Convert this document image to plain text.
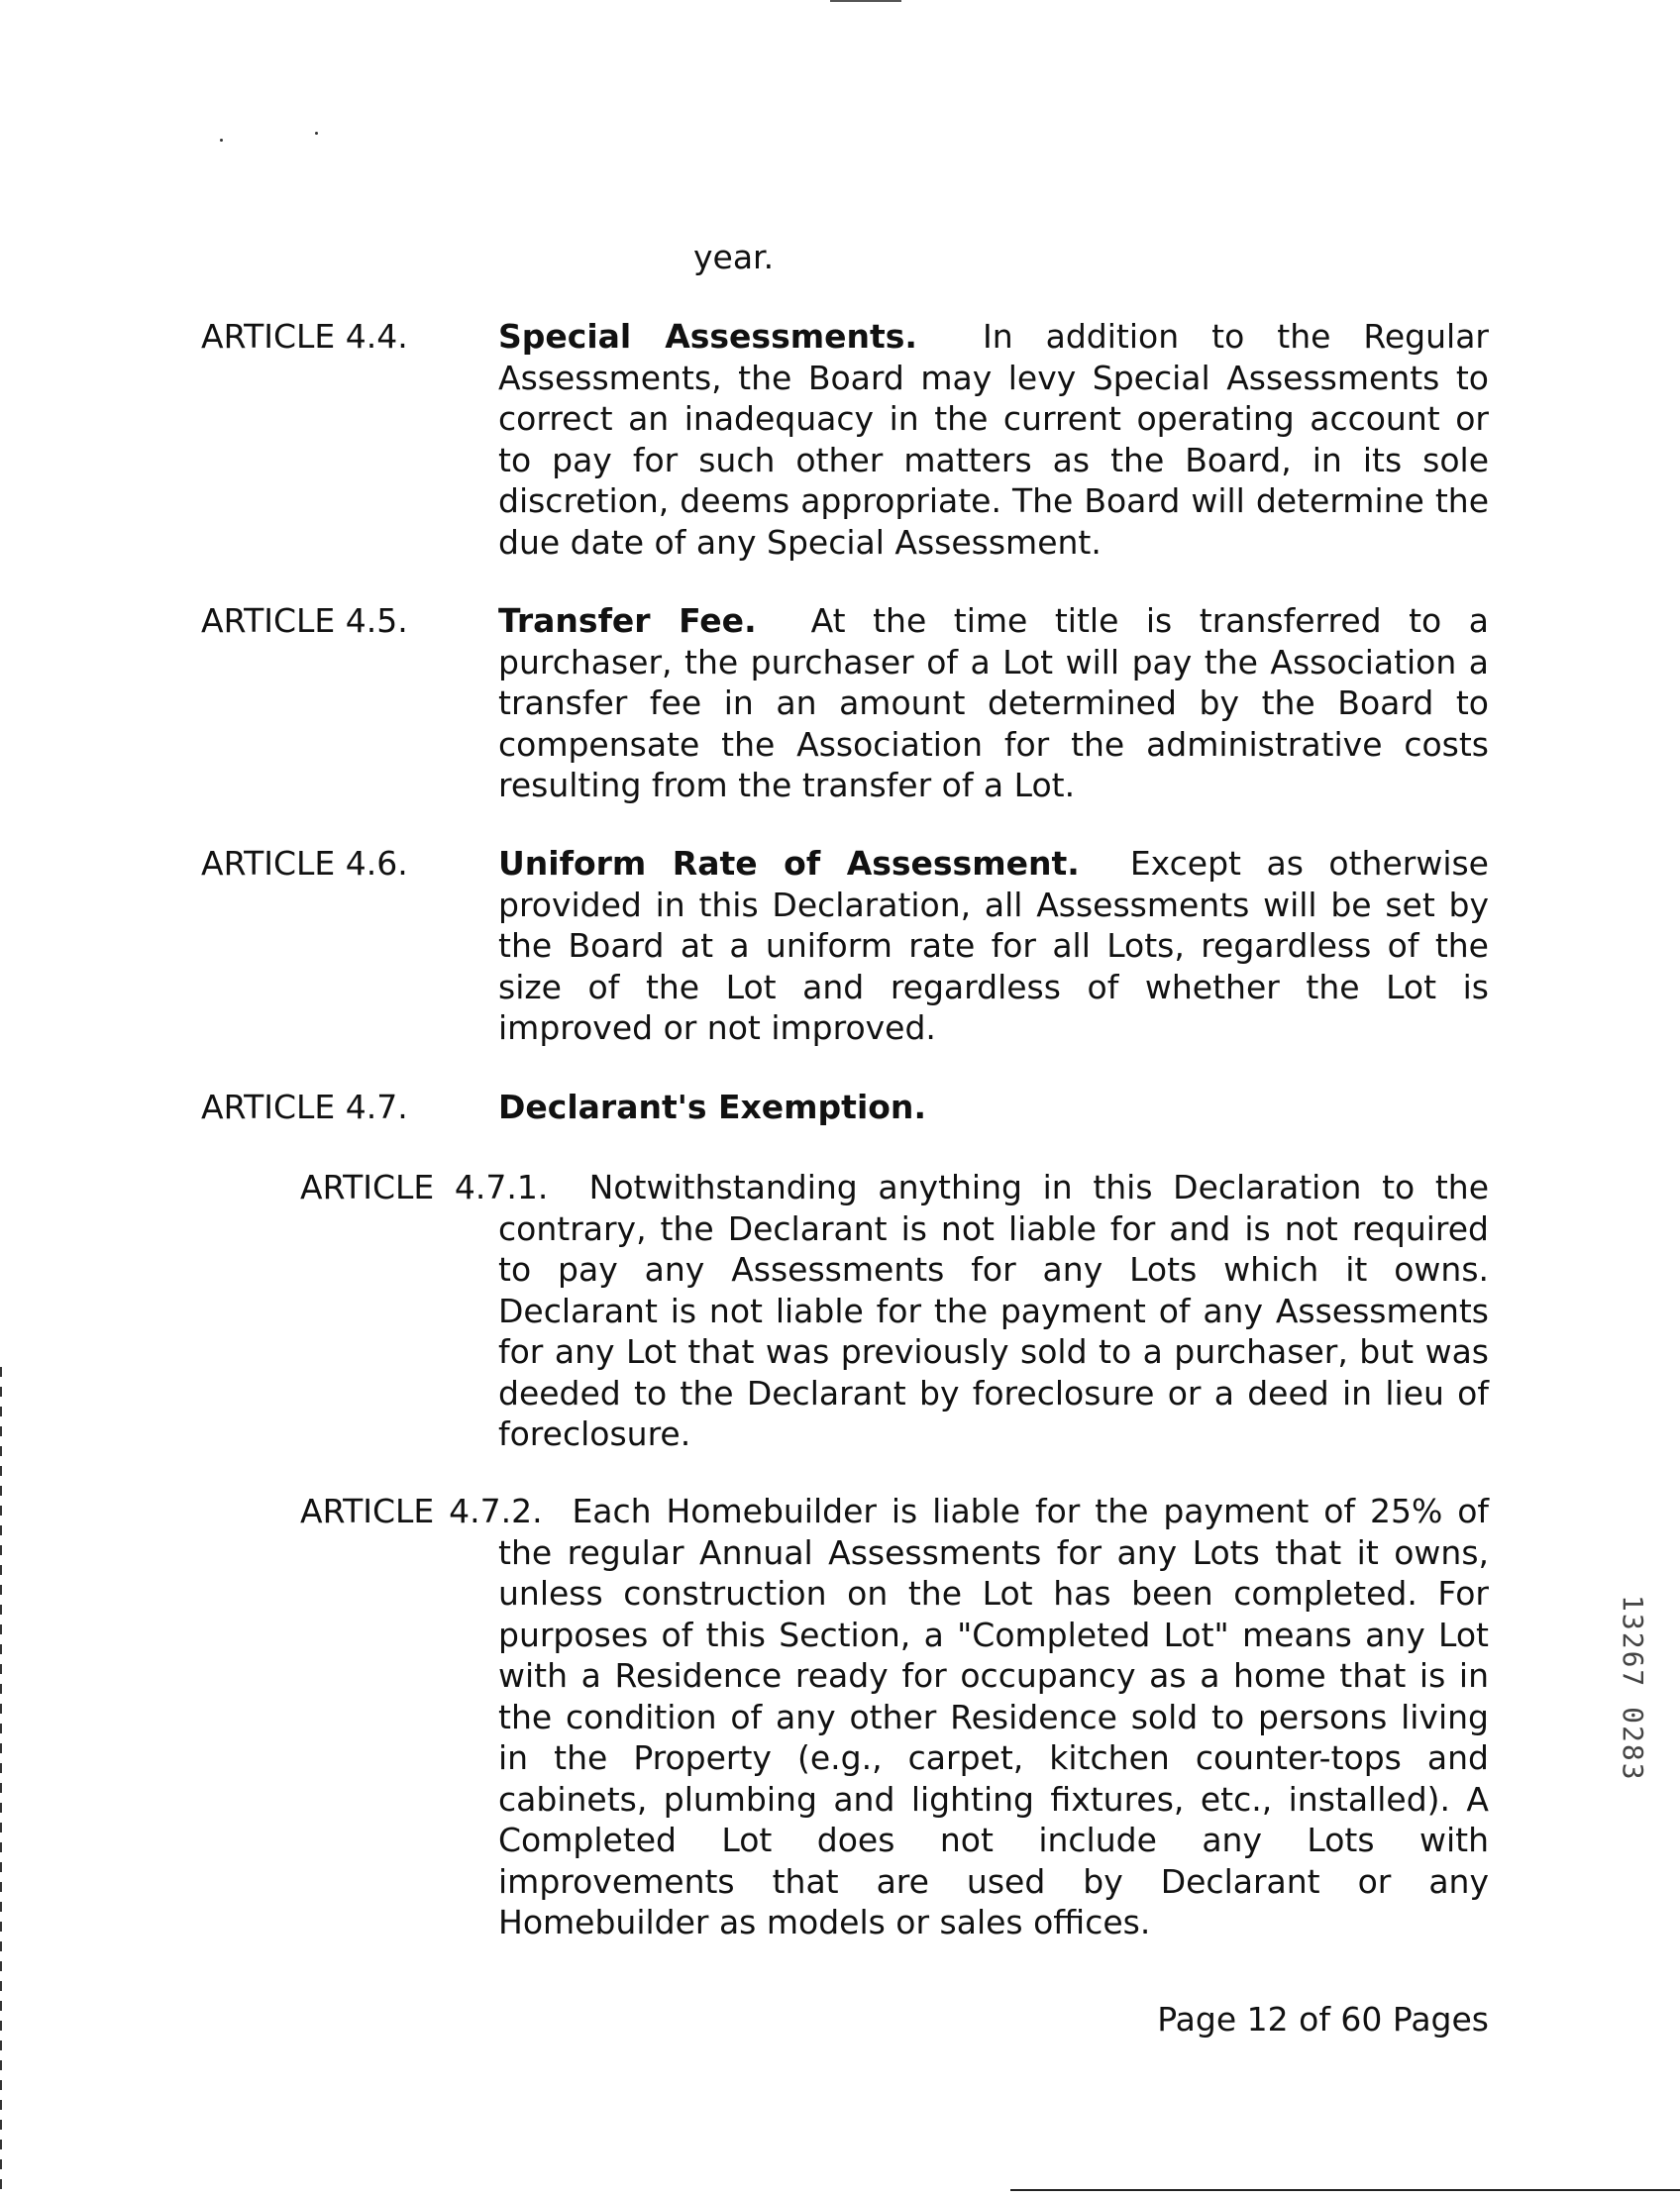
year.
ARTICLE 4.4.	Special Assessments. In addition to the Regular Assessments, the Board may levy Special Assessments to correct an inadequacy in the current operating account or to pay for such other matters as the Board, in its sole discretion, deems appropriate. The Board will determine the due date of any Special Assessment.
ARTICLE 4.5.	Transfer Fee. At the time title is transferred to a purchaser, the purchaser of a Lot will pay the Association a transfer fee in an amount determined by the Board to compensate the Association for the administrative costs resulting from the transfer of a Lot.
ARTICLE 4.6.	Uniform Rate of Assessment. Except as otherwise provided in this Declaration, all Assessments will be set by the Board at a uniform rate for all Lots, regardless of the size of the Lot and regardless of whether the Lot is improved or not improved.
ARTICLE 4.7.	Declarant's Exemption.
ARTICLE 4.7.1. Notwithstanding anything in this Declaration to the contrary, the Declarant is not liable for and is not required to pay any Assessments for any Lots which it owns. Declarant is not liable for the payment of any Assessments for any Lot that was previously sold to a purchaser, but was deeded to the Declarant by foreclosure or a deed in lieu of foreclosure.
ARTICLE 4.7.2. Each Homebuilder is liable for the payment of 25% of the regular Annual Assessments for any Lots that it owns, unless construction on the Lot has been completed. For purposes of this Section, a "Completed Lot" means any Lot with a Residence ready for occupancy as a home that is in the condition of any other Residence sold to persons living in the Property (e.g., carpet, kitchen counter-tops and cabinets, plumbing and lighting fixtures, etc., installed). A Completed Lot does not include any Lots with improvements that are used by Declarant or any Homebuilder as models or sales offices.
Page 12 of 60 Pages
13267 0283
